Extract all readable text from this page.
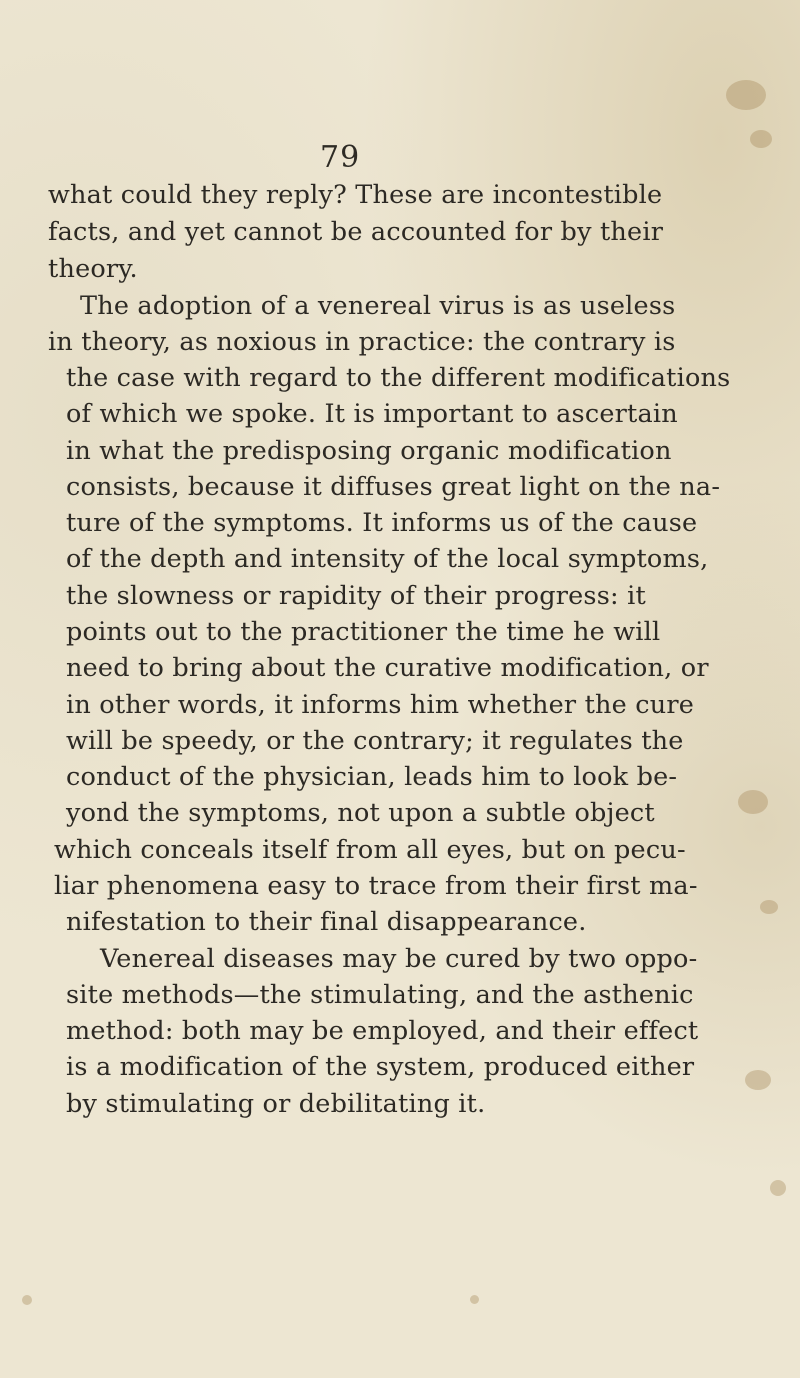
79
what could they reply? These are incontestible
facts, and yet cannot be accounted for by their
theory.
The adoption of a venereal virus is as useless
in theory, as noxious in practice: the contrary is
the case with regard to the different modifications
of which we spoke. It is important to ascertain
in what the predisposing organic modification
consists, because it diffuses great light on the na-
ture of the symptoms. It informs us of the cause
of the depth and intensity of the local symptoms,
the slowness or rapidity of their progress: it
points out to the practitioner the time he will
need to bring about the curative modification, or
in other words, it informs him whether the cure
will be speedy, or the contrary; it regulates the
conduct of the physician, leads him to look be-
yond the symptoms, not upon a subtle object
which conceals itself from all eyes, but on pecu-
liar phenomena easy to trace from their first ma-
nifestation to their final disappearance.
Venereal diseases may be cured by two oppo-
site methods—the stimulating, and the asthenic
method: both may be employed, and their effect
is a modification of the system, produced either
by stimulating or debilitating it.
